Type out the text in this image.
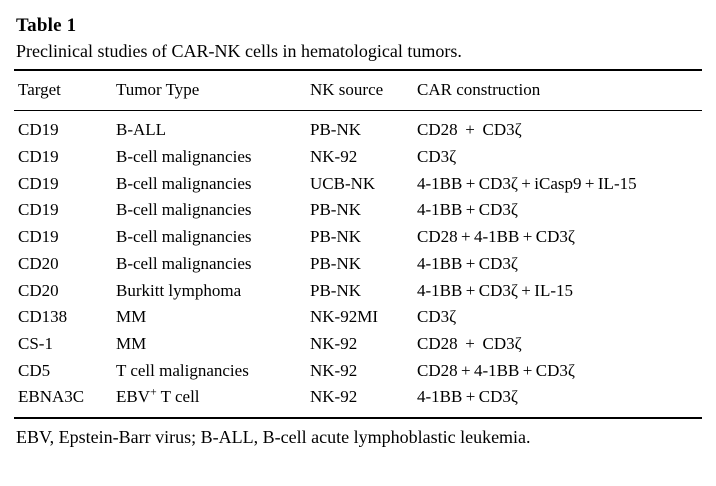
Table 1
Preclinical studies of CAR-NK cells in hematological tumors.
Target	Tumor Type	NK source	CAR construction
CD19	B-ALL	PB-NK	CD28  +  CD3ζ
CD19	B-cell malignancies	NK-92	CD3ζ
CD19	B-cell malignancies	UCB-NK	4-1BB + CD3ζ + iCasp9 + IL-15
CD19	B-cell malignancies	PB-NK	4-1BB + CD3ζ
CD19	B-cell malignancies	PB-NK	CD28 + 4-1BB + CD3ζ
CD20	B-cell malignancies	PB-NK	4-1BB + CD3ζ
CD20	Burkitt lymphoma	PB-NK	4-1BB + CD3ζ + IL-15
CD138	MM	NK-92MI	CD3ζ
CS-1	MM	NK-92	CD28  +  CD3ζ
CD5	T cell malignancies	NK-92	CD28 + 4-1BB + CD3ζ
EBNA3C	EBV+ T cell	NK-92	4-1BB + CD3ζ
EBV, Epstein-Barr virus; B-ALL, B-cell acute lymphoblastic leukemia.
